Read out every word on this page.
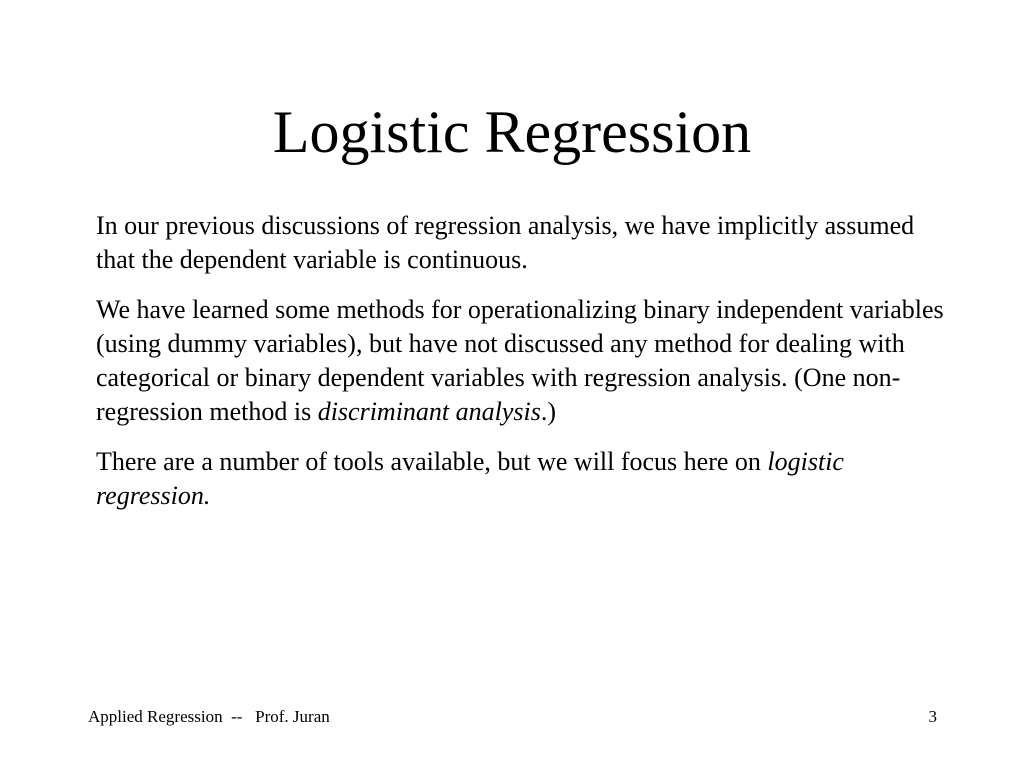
Logistic Regression

In our previous discussions of regression analysis, we have implicitly assumed that the dependent variable is continuous.

We have learned some methods for operationalizing binary independent variables (using dummy variables), but have not discussed any method for dealing with categorical or binary dependent variables with regression analysis. (One non-regression method is discriminant analysis.)

There are a number of tools available, but we will focus here on logistic regression.

Applied Regression  --   Prof. Juran	3
